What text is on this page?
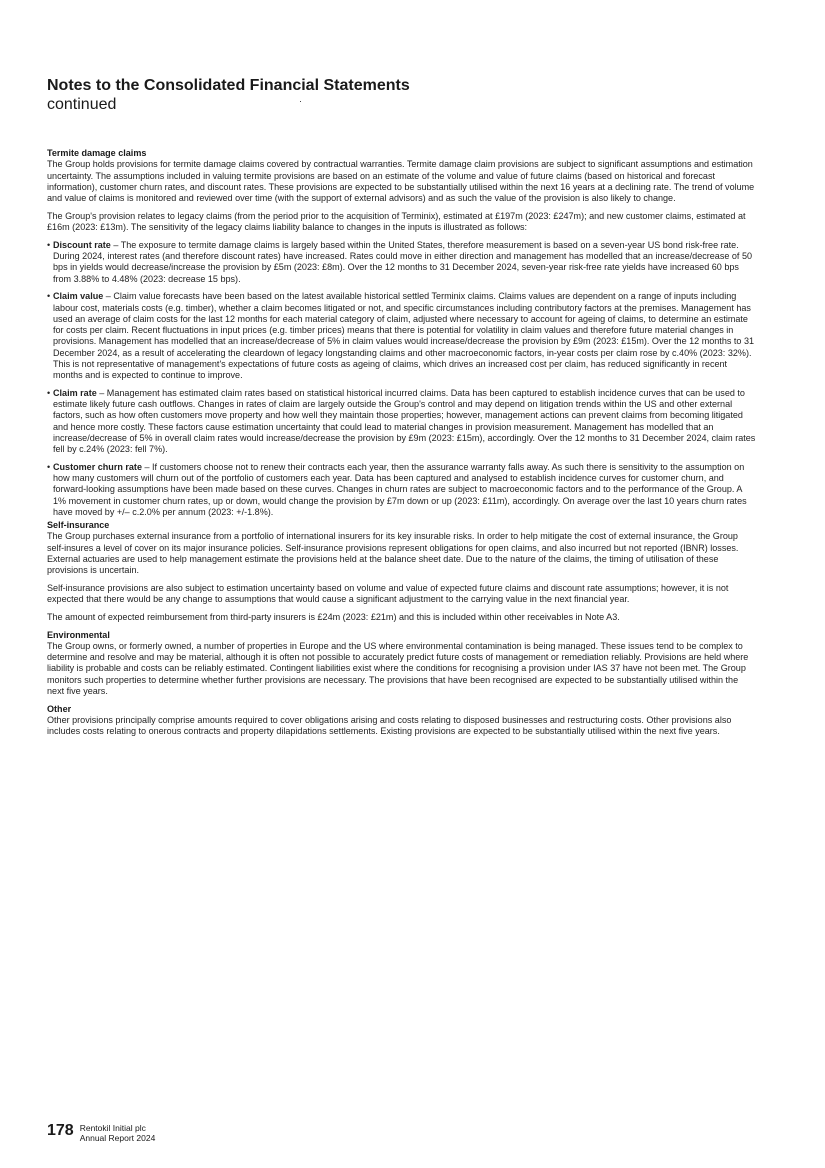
Notes to the Consolidated Financial Statements
continued
Termite damage claims

The Group holds provisions for termite damage claims covered by contractual warranties. Termite damage claim provisions are subject to significant assumptions and estimation uncertainty. The assumptions included in valuing termite provisions are based on an estimate of the volume and value of future claims (based on historical and forecast information), customer churn rates, and discount rates. These provisions are expected to be substantially utilised within the next 16 years at a declining rate. The trend of volume and value of claims is monitored and reviewed over time (with the support of external advisors) and as such the value of the provision is also likely to change.

The Group's provision relates to legacy claims (from the period prior to the acquisition of Terminix), estimated at £197m (2023: £247m); and new customer claims, estimated at £16m (2023: £13m). The sensitivity of the legacy claims liability balance to changes in the inputs is illustrated as follows:

• Discount rate – The exposure to termite damage claims is largely based within the United States, therefore measurement is based on a seven-year US bond risk-free rate. During 2024, interest rates (and therefore discount rates) have increased. Rates could move in either direction and management has modelled that an increase/decrease of 50 bps in yields would decrease/increase the provision by £5m (2023: £8m). Over the 12 months to 31 December 2024, seven-year risk-free rate yields have increased 60 bps from 3.88% to 4.48% (2023: decrease 15 bps).
• Claim value – Claim value forecasts have been based on the latest available historical settled Terminix claims. Claims values are dependent on a range of inputs including labour cost, materials costs (e.g. timber), whether a claim becomes litigated or not, and specific circumstances including contributory factors at the premises. Management has used an average of claim costs for the last 12 months for each material category of claim, adjusted where necessary to account for ageing of claims, to determine an estimate for costs per claim. Recent fluctuations in input prices (e.g. timber prices) means that there is potential for volatility in claim values and therefore future material changes in provisions. Management has modelled that an increase/decrease of 5% in claim values would increase/decrease the provision by £9m (2023: £15m). Over the 12 months to 31 December 2024, as a result of accelerating the cleardown of legacy longstanding claims and other macroeconomic factors, in-year costs per claim rose by c.40% (2023: 32%). This is not representative of management's expectations of future costs as ageing of claims, which drives an increased cost per claim, has reduced significantly in recent months and is expected to continue to improve.
• Claim rate – Management has estimated claim rates based on statistical historical incurred claims. Data has been captured to establish incidence curves that can be used to estimate likely future cash outflows. Changes in rates of claim are largely outside the Group's control and may depend on litigation trends within the US and other external factors, such as how often customers move property and how well they maintain those properties; however, management actions can prevent claims from becoming litigated and hence more costly. These factors cause estimation uncertainty that could lead to material changes in provision measurement. Management has modelled that an increase/decrease of 5% in overall claim rates would increase/decrease the provision by £9m (2023: £15m), accordingly. Over the 12 months to 31 December 2024, claim rates fell by c.24% (2023: fell 7%).
• Customer churn rate – If customers choose not to renew their contracts each year, then the assurance warranty falls away. As such there is sensitivity to the assumption on how many customers will churn out of the portfolio of customers each year. Data has been captured and analysed to establish incidence curves for customer churn, and forward-looking assumptions have been made based on these curves. Changes in churn rates are subject to macroeconomic factors and to the performance of the Group. A 1% movement in customer churn rates, up or down, would change the provision by £7m down or up (2023: £11m), accordingly. On average over the last 10 years churn rates have moved by +/– c.2.0% per annum (2023: +/-1.8%).
Self-insurance

The Group purchases external insurance from a portfolio of international insurers for its key insurable risks. In order to help mitigate the cost of external insurance, the Group self-insures a level of cover on its major insurance policies. Self-insurance provisions represent obligations for open claims, and also incurred but not reported (IBNR) losses. External actuaries are used to help management estimate the provisions held at the balance sheet date. Due to the nature of the claims, the timing of utilisation of these provisions is uncertain.

Self-insurance provisions are also subject to estimation uncertainty based on volume and value of expected future claims and discount rate assumptions; however, it is not expected that there would be any change to assumptions that would cause a significant adjustment to the carrying value in the next financial year.

The amount of expected reimbursement from third-party insurers is £24m (2023: £21m) and this is included within other receivables in Note A3.

Environmental

The Group owns, or formerly owned, a number of properties in Europe and the US where environmental contamination is being managed. These issues tend to be complex to determine and resolve and may be material, although it is often not possible to accurately predict future costs of management or remediation reliably. Provisions are held where liability is probable and costs can be reliably estimated. Contingent liabilities exist where the conditions for recognising a provision under IAS 37 have not been met. The Group monitors such properties to determine whether further provisions are necessary. The provisions that have been recognised are expected to be substantially utilised within the next five years.

Other

Other provisions principally comprise amounts required to cover obligations arising and costs relating to disposed businesses and restructuring costs. Other provisions also includes costs relating to onerous contracts and property dilapidations settlements. Existing provisions are expected to be substantially utilised within the next five years.

178 Rentokil Initial plc
Annual Report 2024
